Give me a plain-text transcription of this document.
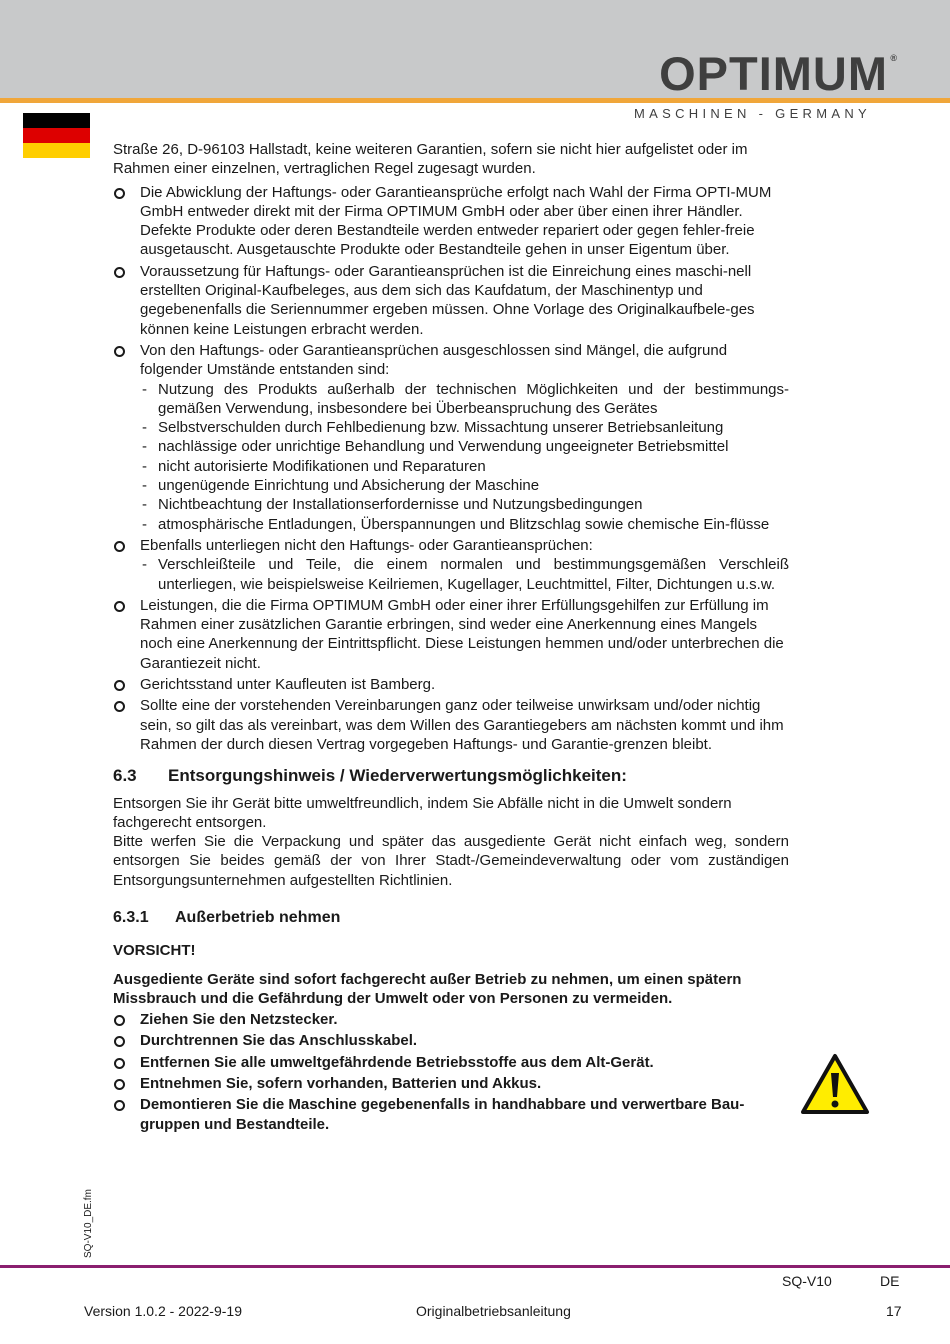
OPTIMUM ®
MASCHINEN - GERMANY

Straße 26, D-96103 Hallstadt, keine weiteren Garantien, sofern sie nicht hier aufgelistet oder im

Rahmen einer einzelnen, vertraglichen Regel zugesagt wurden.

Die Abwicklung der Haftungs- oder Garantieansprüche erfolgt nach Wahl der Firma OPTI-MUM GmbH entweder direkt mit der Firma OPTIMUM GmbH oder aber über einen ihrer Händler.
Defekte Produkte oder deren Bestandteile werden entweder repariert oder gegen fehler-freie ausgetauscht. Ausgetauschte Produkte oder Bestandteile gehen in unser Eigentum über.
Voraussetzung für Haftungs- oder Garantieansprüchen ist die Einreichung eines maschi-nell erstellten Original-Kaufbeleges, aus dem sich das Kaufdatum, der Maschinentyp und gegebenenfalls die Seriennummer ergeben müssen. Ohne Vorlage des Originalkaufbele-ges können keine Leistungen erbracht werden.
Von den Haftungs- oder Garantieansprüchen ausgeschlossen sind Mängel, die aufgrund folgender Umstände entstanden sind:
- Nutzung des Produkts außerhalb der technischen Möglichkeiten und der bestimmungs-gemäßen Verwendung, insbesondere bei Überbeanspruchung des Gerätes
- Selbstverschulden durch Fehlbedienung bzw. Missachtung unserer Betriebsanleitung
- nachlässige oder unrichtige Behandlung und Verwendung ungeeigneter Betriebsmittel
- nicht autorisierte Modifikationen und Reparaturen
- ungenügende Einrichtung und Absicherung der Maschine
- Nichtbeachtung der Installationserfordernisse und Nutzungsbedingungen
- atmosphärische Entladungen, Überspannungen und Blitzschlag sowie chemische Ein-flüsse
Ebenfalls unterliegen nicht den Haftungs- oder Garantieansprüchen:
- Verschleißteile und Teile, die einem normalen und bestimmungsgemäßen Verschleiß unterliegen, wie beispielsweise Keilriemen, Kugellager, Leuchtmittel, Filter, Dichtungen u.s.w.
Leistungen, die die Firma OPTIMUM GmbH oder einer ihrer Erfüllungsgehilfen zur Erfüllung im Rahmen einer zusätzlichen Garantie erbringen, sind weder eine Anerkennung eines Mangels noch eine Anerkennung der Eintrittspflicht. Diese Leistungen hemmen und/oder unterbrechen die Garantiezeit nicht.
Gerichtsstand unter Kaufleuten ist Bamberg.
Sollte eine der vorstehenden Vereinbarungen ganz oder teilweise unwirksam und/oder nichtig sein, so gilt das als vereinbart, was dem Willen des Garantiegebers am nächsten kommt und ihm Rahmen der durch diesen Vertrag vorgegeben Haftungs- und Garantie-grenzen bleibt.
6.3 Entsorgungshinweis / Wiederverwertungsmöglichkeiten:

Entsorgen Sie ihr Gerät bitte umweltfreundlich, indem Sie Abfälle nicht in die Umwelt sondern fachgerecht entsorgen.

Bitte werfen Sie die Verpackung und später das ausgediente Gerät nicht einfach weg, sondern entsorgen Sie beides gemäß der von Ihrer Stadt-/Gemeindeverwaltung oder vom zuständigen Entsorgungsunternehmen aufgestellten Richtlinien.

6.3.1 Außerbetrieb nehmen

VORSICHT!

Ausgediente Geräte sind sofort fachgerecht außer Betrieb zu nehmen, um einen spätern Missbrauch und die Gefährdung der Umwelt oder von Personen zu vermeiden.

Ziehen Sie den Netzstecker.
Durchtrennen Sie das Anschlusskabel.
Entfernen Sie alle umweltgefährdende Betriebsstoffe aus dem Alt-Gerät.
Entnehmen Sie, sofern vorhanden, Batterien und Akkus.
Demontieren Sie die Maschine gegebenenfalls in handhabbare und verwertbare Bau-gruppen und Bestandteile.
SQ-V10_DE.fm
SQ-V10	DE
Version 1.0.2 - 2022-9-19	Originalbetriebsanleitung	17
